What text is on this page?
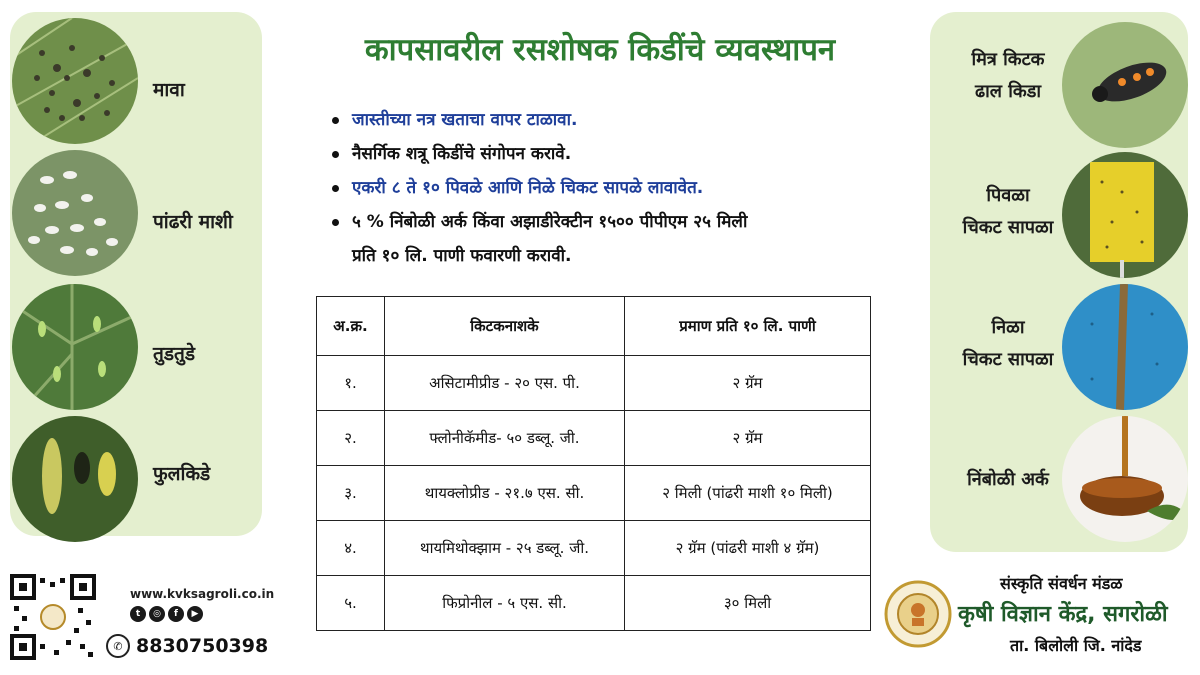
मावा
पांढरी माशी
तुडतुडे
फुलकिडे
मित्र किटक
ढाल किडा
पिवळा
चिकट सापळा
निळा
चिकट सापळा
निंबोळी अर्क
कापसावरील रसशोषक किडींचे व्यवस्थापन
जास्तीच्या नत्र खताचा वापर टाळावा.
नैसर्गिक शत्रू किडींचे संगोपन करावे.
एकरी ८ ते १० पिवळे आणि निळे चिकट सापळे लावावेत.
५ % निंबोळी अर्क किंवा अझाडीरेक्टीन १५०० पीपीएम २५ मिली
प्रति १० लि. पाणी फवारणी करावी.
अ.क्र.	किटकनाशके	प्रमाण प्रति १० लि. पाणी
१.	असिटामीप्रीड - २० एस. पी.	२ ग्रॅम
२.	फ्लोनीकॅमीड- ५० डब्लू. जी.	२ ग्रॅम
३.	थायक्लोप्रीड - २१.७ एस. सी.	२ मिली (पांढरी माशी १० मिली)
४.	थायमिथोक्झाम - २५ डब्लू. जी.	२ ग्रॅम (पांढरी माशी ४ ग्रॅम)
५.	फिप्रोनील - ५ एस. सी.	३० मिली
www.kvksagroli.co.in
t	◎	f	▶
✆ 8830750398
संस्कृति संवर्धन मंडळ
कृषी विज्ञान केंद्र, सगरोळी
ता. बिलोली जि. नांदेड
